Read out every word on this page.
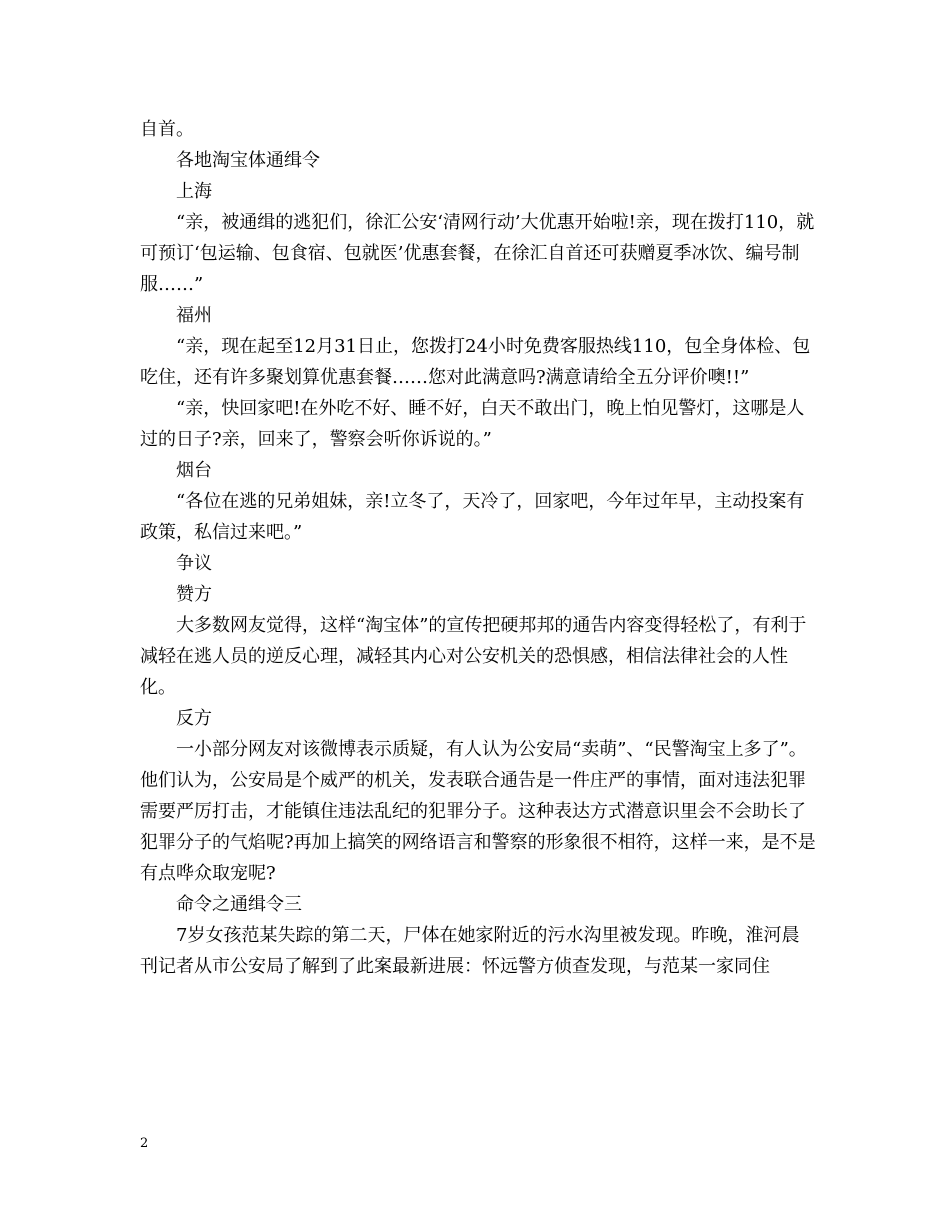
自首。

各地淘宝体通缉令

上海

“亲，被通缉的逃犯们，徐汇公安‘清网行动’大优惠开始啦!亲，现在拨打110，就可预订‘包运输、包食宿、包就医’优惠套餐，在徐汇自首还可获赠夏季冰饮、编号制服……”

福州

“亲，现在起至12月31日止，您拨打24小时免费客服热线110，包全身体检、包吃住，还有许多聚划算优惠套餐……您对此满意吗?满意请给全五分评价噢!!”

“亲，快回家吧!在外吃不好、睡不好，白天不敢出门，晚上怕见警灯，这哪是人过的日子?亲，回来了，警察会听你诉说的。”

烟台

“各位在逃的兄弟姐妹，亲!立冬了，天冷了，回家吧，今年过年早，主动投案有政策，私信过来吧。”

争议

赞方

大多数网友觉得，这样“淘宝体”的宣传把硬邦邦的通告内容变得轻松了，有利于减轻在逃人员的逆反心理，减轻其内心对公安机关的恐惧感，相信法律社会的人性化。

反方

一小部分网友对该微博表示质疑，有人认为公安局“卖萌”、“民警淘宝上多了”。他们认为，公安局是个威严的机关，发表联合通告是一件庄严的事情，面对违法犯罪需要严厉打击，才能镇住违法乱纪的犯罪分子。这种表达方式潜意识里会不会助长了犯罪分子的气焰呢?再加上搞笑的网络语言和警察的形象很不相符，这样一来，是不是有点哗众取宠呢?

命令之通缉令三

7岁女孩范某失踪的第二天，尸体在她家附近的污水沟里被发现。昨晚，淮河晨刊记者从市公安局了解到了此案最新进展：怀远警方侦查发现，与范某一家同住

2
